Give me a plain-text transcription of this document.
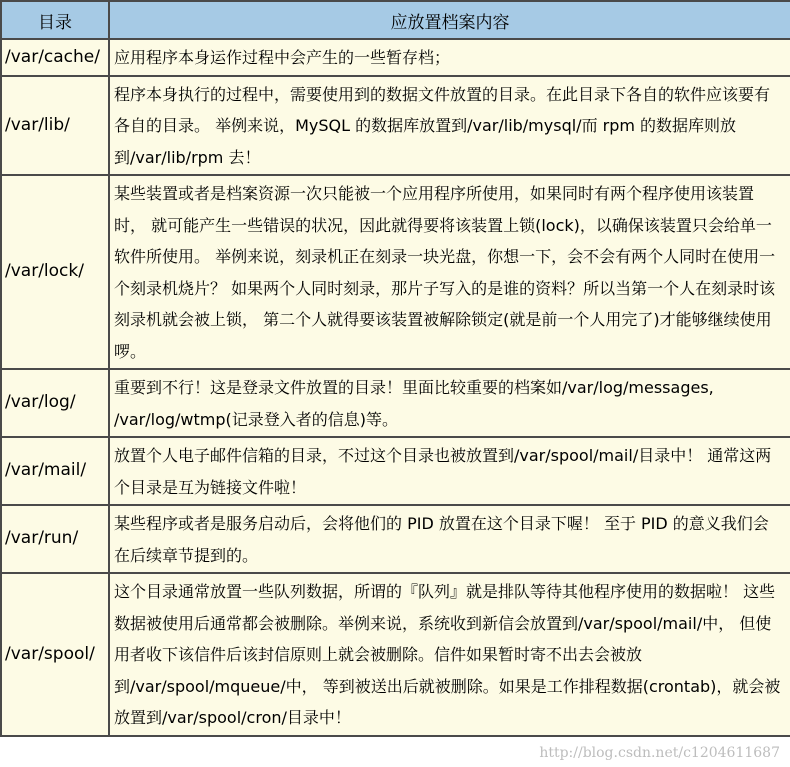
目录	应放置档案内容
/var/cache/	应用程序本身运作过程中会产生的一些暂存档；
/var/lib/	程序本身执行的过程中，需要使用到的数据文件放置的目录。在此目录下各自的软件应该要有各自的目录。 举例来说，MySQL 的数据库放置到/var/lib/mysql/而 rpm 的数据库则放到/var/lib/rpm 去！
/var/lock/	某些装置或者是档案资源一次只能被一个应用程序所使用，如果同时有两个程序使用该装置时， 就可能产生一些错误的状况，因此就得要将该装置上锁(lock)，以确保该装置只会给单一软件所使用。 举例来说，刻录机正在刻录一块光盘，你想一下，会不会有两个人同时在使用一个刻录机烧片？ 如果两个人同时刻录，那片子写入的是谁的资料？所以当第一个人在刻录时该刻录机就会被上锁， 第二个人就得要该装置被解除锁定(就是前一个人用完了)才能够继续使用啰。
/var/log/	重要到不行！这是登录文件放置的目录！里面比较重要的档案如/var/log/messages, /var/log/wtmp(记录登入者的信息)等。
/var/mail/	放置个人电子邮件信箱的目录，不过这个目录也被放置到/var/spool/mail/目录中！ 通常这两个目录是互为链接文件啦！
/var/run/	某些程序或者是服务启动后，会将他们的 PID 放置在这个目录下喔！ 至于 PID 的意义我们会在后续章节提到的。
/var/spool/	这个目录通常放置一些队列数据，所谓的『队列』就是排队等待其他程序使用的数据啦！ 这些数据被使用后通常都会被删除。举例来说，系统收到新信会放置到/var/spool/mail/中， 但使用者收下该信件后该封信原则上就会被删除。信件如果暂时寄不出去会被放到/var/spool/mqueue/中， 等到被送出后就被删除。如果是工作排程数据(crontab)，就会被放置到/var/spool/cron/目录中！
http://blog.csdn.net/c1204611687
